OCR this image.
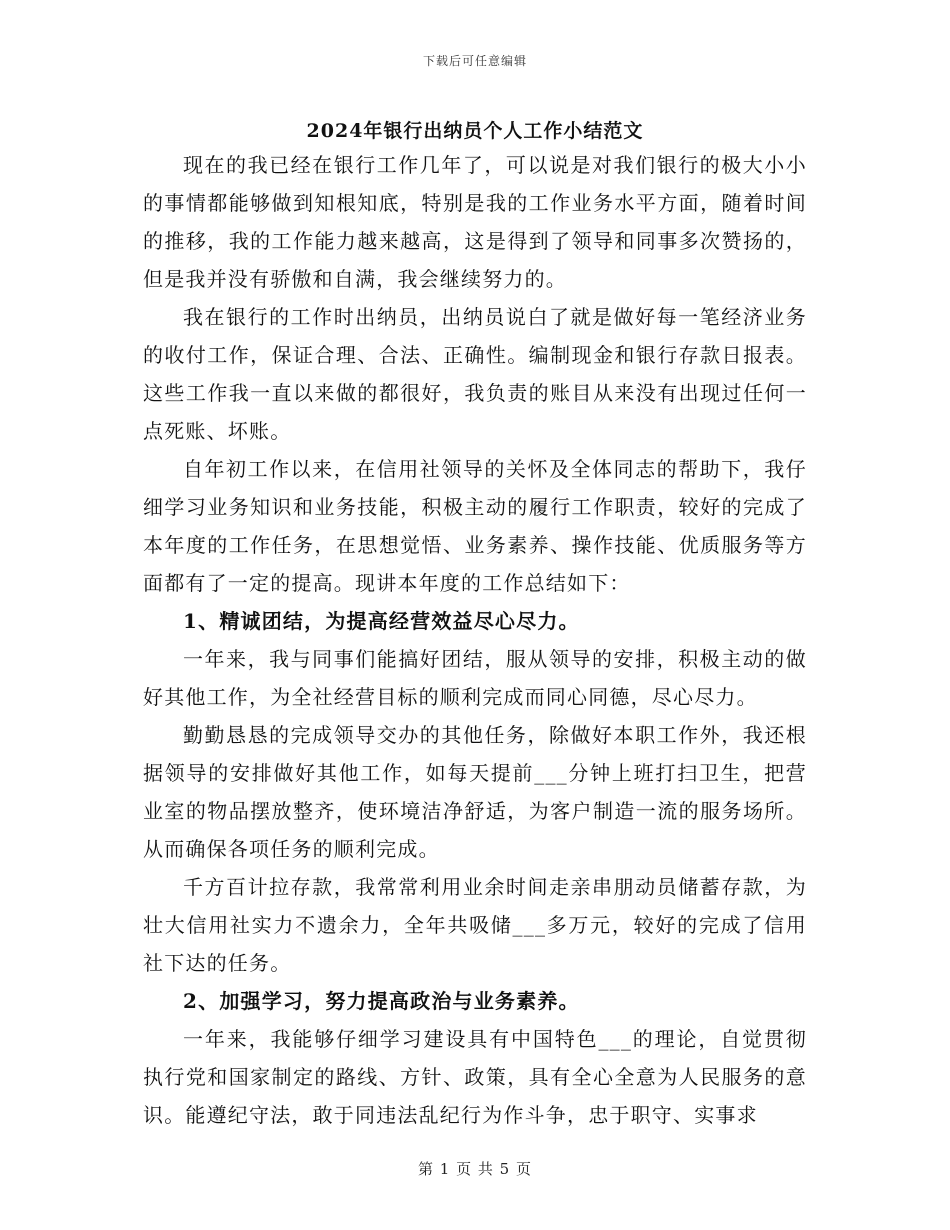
下载后可任意编辑
2024年银行出纳员个人工作小结范文

现在的我已经在银行工作几年了，可以说是对我们银行的极大小小的事情都能够做到知根知底，特别是我的工作业务水平方面，随着时间的推移，我的工作能力越来越高，这是得到了领导和同事多次赞扬的，但是我并没有骄傲和自满，我会继续努力的。

我在银行的工作时出纳员，出纳员说白了就是做好每一笔经济业务的收付工作，保证合理、合法、正确性。编制现金和银行存款日报表。这些工作我一直以来做的都很好，我负责的账目从来没有出现过任何一点死账、坏账。

自年初工作以来，在信用社领导的关怀及全体同志的帮助下，我仔细学习业务知识和业务技能，积极主动的履行工作职责，较好的完成了本年度的工作任务，在思想觉悟、业务素养、操作技能、优质服务等方面都有了一定的提高。现讲本年度的工作总结如下：

1、精诚团结，为提高经营效益尽心尽力。

一年来，我与同事们能搞好团结，服从领导的安排，积极主动的做好其他工作，为全社经营目标的顺利完成而同心同德，尽心尽力。

勤勤恳恳的完成领导交办的其他任务，除做好本职工作外，我还根据领导的安排做好其他工作，如每天提前___分钟上班打扫卫生，把营业室的物品摆放整齐，使环境洁净舒适，为客户制造一流的服务场所。从而确保各项任务的顺利完成。

千方百计拉存款，我常常利用业余时间走亲串朋动员储蓄存款，为壮大信用社实力不遗余力，全年共吸储___多万元，较好的完成了信用社下达的任务。

2、加强学习，努力提高政治与业务素养。

一年来，我能够仔细学习建设具有中国特色___的理论，自觉贯彻执行党和国家制定的路线、方针、政策，具有全心全意为人民服务的意识。能遵纪守法，敢于同违法乱纪行为作斗争，忠于职守、实事求

第 1 页 共 5 页
